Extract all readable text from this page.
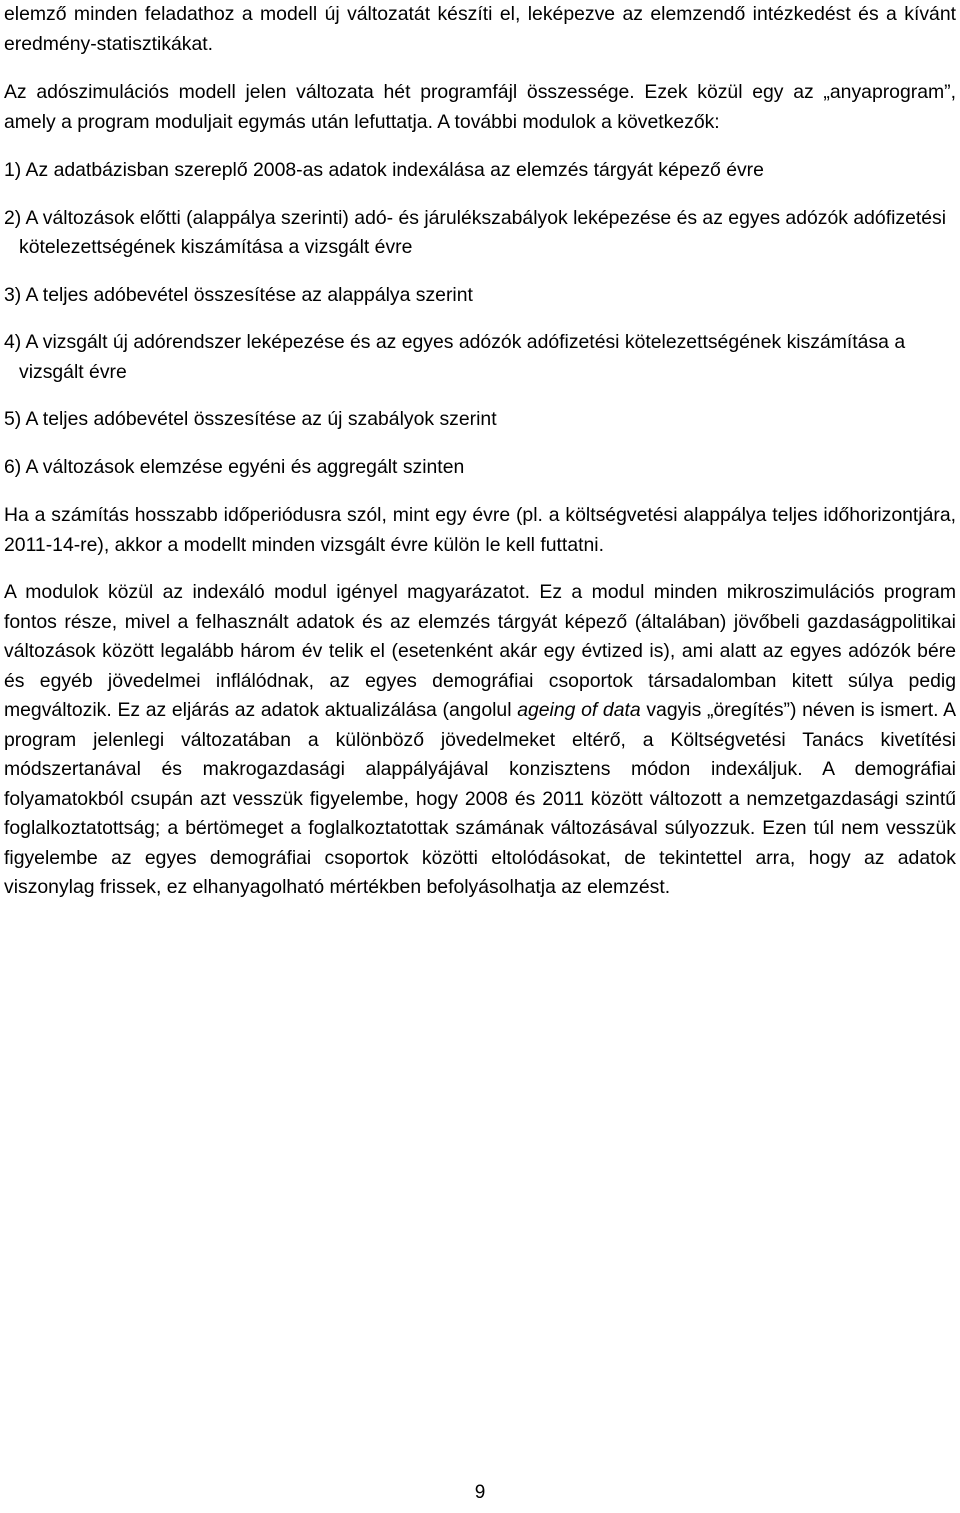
elemző minden feladathoz a modell új változatát készíti el, leképezve az elemzendő intézkedést és a kívánt eredmény-statisztikákat.

Az adószimulációs modell jelen változata hét programfájl összessége. Ezek közül egy az „anyaprogram”, amely a program moduljait egymás után lefuttatja. A további modulok a következők:

1) Az adatbázisban szereplő 2008-as adatok indexálása az elemzés tárgyát képező évre

2) A változások előtti (alappálya szerinti) adó- és járulékszabályok leképezése és az egyes adózók adófizetési kötelezettségének kiszámítása a vizsgált évre

3) A teljes adóbevétel összesítése az alappálya szerint

4) A vizsgált új adórendszer leképezése és az egyes adózók adófizetési kötelezettségének kiszámítása a vizsgált évre

5) A teljes adóbevétel összesítése az új szabályok szerint

6) A változások elemzése egyéni és aggregált szinten

Ha a számítás hosszabb időperiódusra szól, mint egy évre (pl. a költségvetési alappálya teljes időhorizontjára, 2011-14-re), akkor a modellt minden vizsgált évre külön le kell futtatni.

A modulok közül az indexáló modul igényel magyarázatot. Ez a modul minden mikroszimulációs program fontos része, mivel a felhasznált adatok és az elemzés tárgyát képező (általában) jövőbeli gazdaságpolitikai változások között legalább három év telik el (esetenként akár egy évtized is), ami alatt az egyes adózók bére és egyéb jövedelmei inflálódnak, az egyes demográfiai csoportok társadalomban kitett súlya pedig megváltozik. Ez az eljárás az adatok aktualizálása (angolul ageing of data vagyis „öregítés”) néven is ismert. A program jelenlegi változatában a különböző jövedelmeket eltérő, a Költségvetési Tanács kivetítési módszertanával és makrogazdasági alappályájával konzisztens módon indexáljuk. A demográfiai folyamatokból csupán azt vesszük figyelembe, hogy 2008 és 2011 között változott a nemzetgazdasági szintű foglalkoztatottság; a bértömeget a foglalkoztatottak számának változásával súlyozzuk. Ezen túl nem vesszük figyelembe az egyes demográfiai csoportok közötti eltolódásokat, de tekintettel arra, hogy az adatok viszonylag frissek, ez elhanyagolható mértékben befolyásolhatja az elemzést.

9
